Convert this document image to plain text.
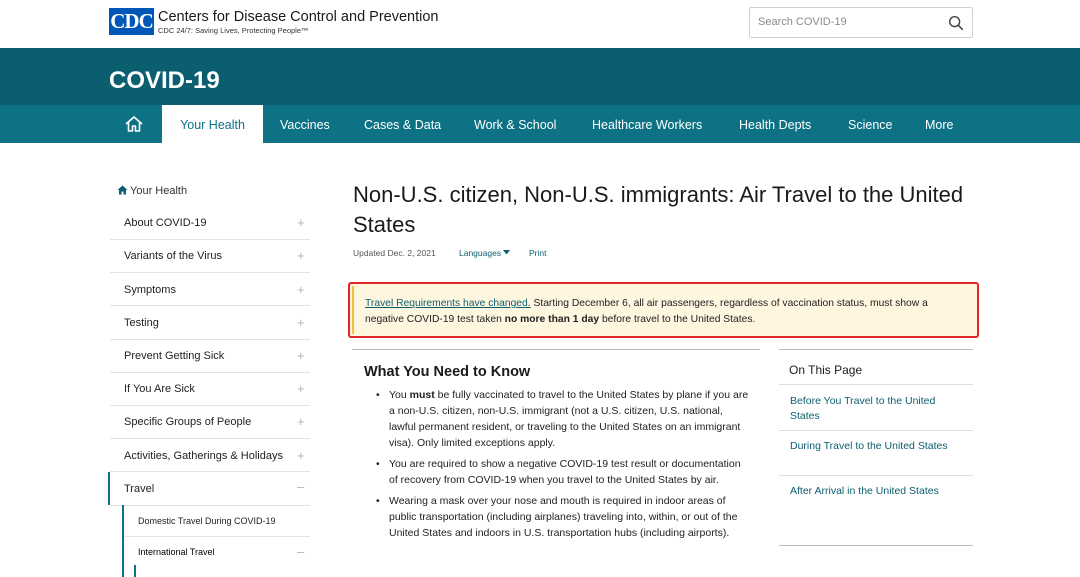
CDC Centers for Disease Control and Prevention
CDC 24/7: Saving Lives, Protecting People™
Search COVID-19
COVID-19
Your Health	Vaccines	Cases & Data	Work & School	Healthcare Workers	Health Depts	Science	More
Your Health
About COVID-19	+
Variants of the Virus	+
Symptoms	+
Testing	+
Prevent Getting Sick	+
If You Are Sick	+
Specific Groups of People	+
Activities, Gatherings & Holidays	+
Travel	–
Domestic Travel During COVID-19
International Travel	–
Non-U.S. citizen, Non-U.S. immigrants: Air Travel to the United States
Updated Dec. 2, 2021	Languages	Print
Travel Requirements have changed. Starting December 6, all air passengers, regardless of vaccination status, must show a negative COVID-19 test taken no more than 1 day before travel to the United States.
What You Need to Know
• You must be fully vaccinated to travel to the United States by plane if you are a non-U.S. citizen, non-U.S. immigrant (not a U.S. citizen, U.S. national, lawful permanent resident, or traveling to the United States on an immigrant visa). Only limited exceptions apply.
• You are required to show a negative COVID-19 test result or documentation of recovery from COVID-19 when you travel to the United States by air.
• Wearing a mask over your nose and mouth is required in indoor areas of public transportation (including airplanes) traveling into, within, or out of the United States and indoors in U.S. transportation hubs (including airports).
On This Page
Before You Travel to the United States
During Travel to the United States
After Arrival in the United States
